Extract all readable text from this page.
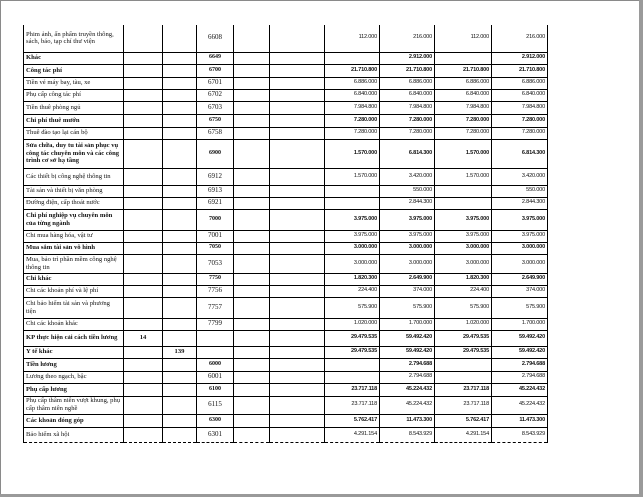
Phim ảnh, ấn phẩm truyền thông, sách, báo, tạp chí thư viện			6608			112.000	216.000	112.000	216.000
Khác			6649				2.912.000		2.912.000
Công tác phí			6700			21.710.800	21.710.800	21.710.800	21.710.800
Tiền vé máy bay, tàu, xe			6701			6.886.000	6.886.000	6.886.000	6.886.000
Phụ cấp công tác phí			6702			6.840.000	6.840.000	6.840.000	6.840.000
Tiền thuê phòng ngủ			6703			7.984.800	7.984.800	7.984.800	7.984.800
Chi phí thuê mướn			6750			7.280.000	7.280.000	7.280.000	7.280.000
Thuê đào tạo lại cán bộ			6758			7.280.000	7.280.000	7.280.000	7.280.000
Sửa chữa, duy tu tài sản phục vụ công tác chuyên môn và các công trình cơ sở hạ tầng			6900			1.570.000	6.814.300	1.570.000	6.814.300
Các thiết bị công nghệ thông tin			6912			1.570.000	3.420.000	1.570.000	3.420.000
Tài sản và thiết bị văn phòng			6913				550.000		550.000
Đường điện, cấp thoát nước			6921				2.844.300		2.844.300
Chi phí nghiệp vụ chuyên môn của từng ngành			7000			3.975.000	3.975.000	3.975.000	3.975.000
Chi mua hàng hóa, vật tư			7001			3.975.000	3.975.000	3.975.000	3.975.000
Mua sắm tài sản vô hình			7050			3.000.000	3.000.000	3.000.000	3.000.000
Mua, bảo trì phần mềm công nghệ thông tin			7053			3.000.000	3.000.000	3.000.000	3.000.000
Chi khác			7750			1.820.300	2.649.900	1.820.300	2.649.900
Chi các khoản phí và lệ phí			7756			224.400	374.000	224.400	374.000
Chi bảo hiểm tài sản và phương tiện			7757			575.900	575.900	575.900	575.900
Chi các khoản khác			7799			1.020.000	1.700.000	1.020.000	1.700.000
KP thực hiện cải cách tiền lương	14					29.479.535	59.492.420	29.479.535	59.492.420
Y tế khác		139				29.479.535	59.492.420	29.479.535	59.492.420
Tiền lương			6000				2.794.688		2.794.688
Lương theo ngạch, bậc			6001				2.794.688		2.794.688
Phụ cấp lương			6100			23.717.118	45.224.432	23.717.118	45.224.432
Phụ cấp thâm niên vượt khung, phụ cấp thâm niên nghề			6115			23.717.118	45.224.432	23.717.118	45.224.432
Các khoản đóng góp			6300			5.762.417	11.473.300	5.762.417	11.473.300
Bảo hiểm xã hội			6301			4.291.154	8.543.929	4.291.154	8.543.929
